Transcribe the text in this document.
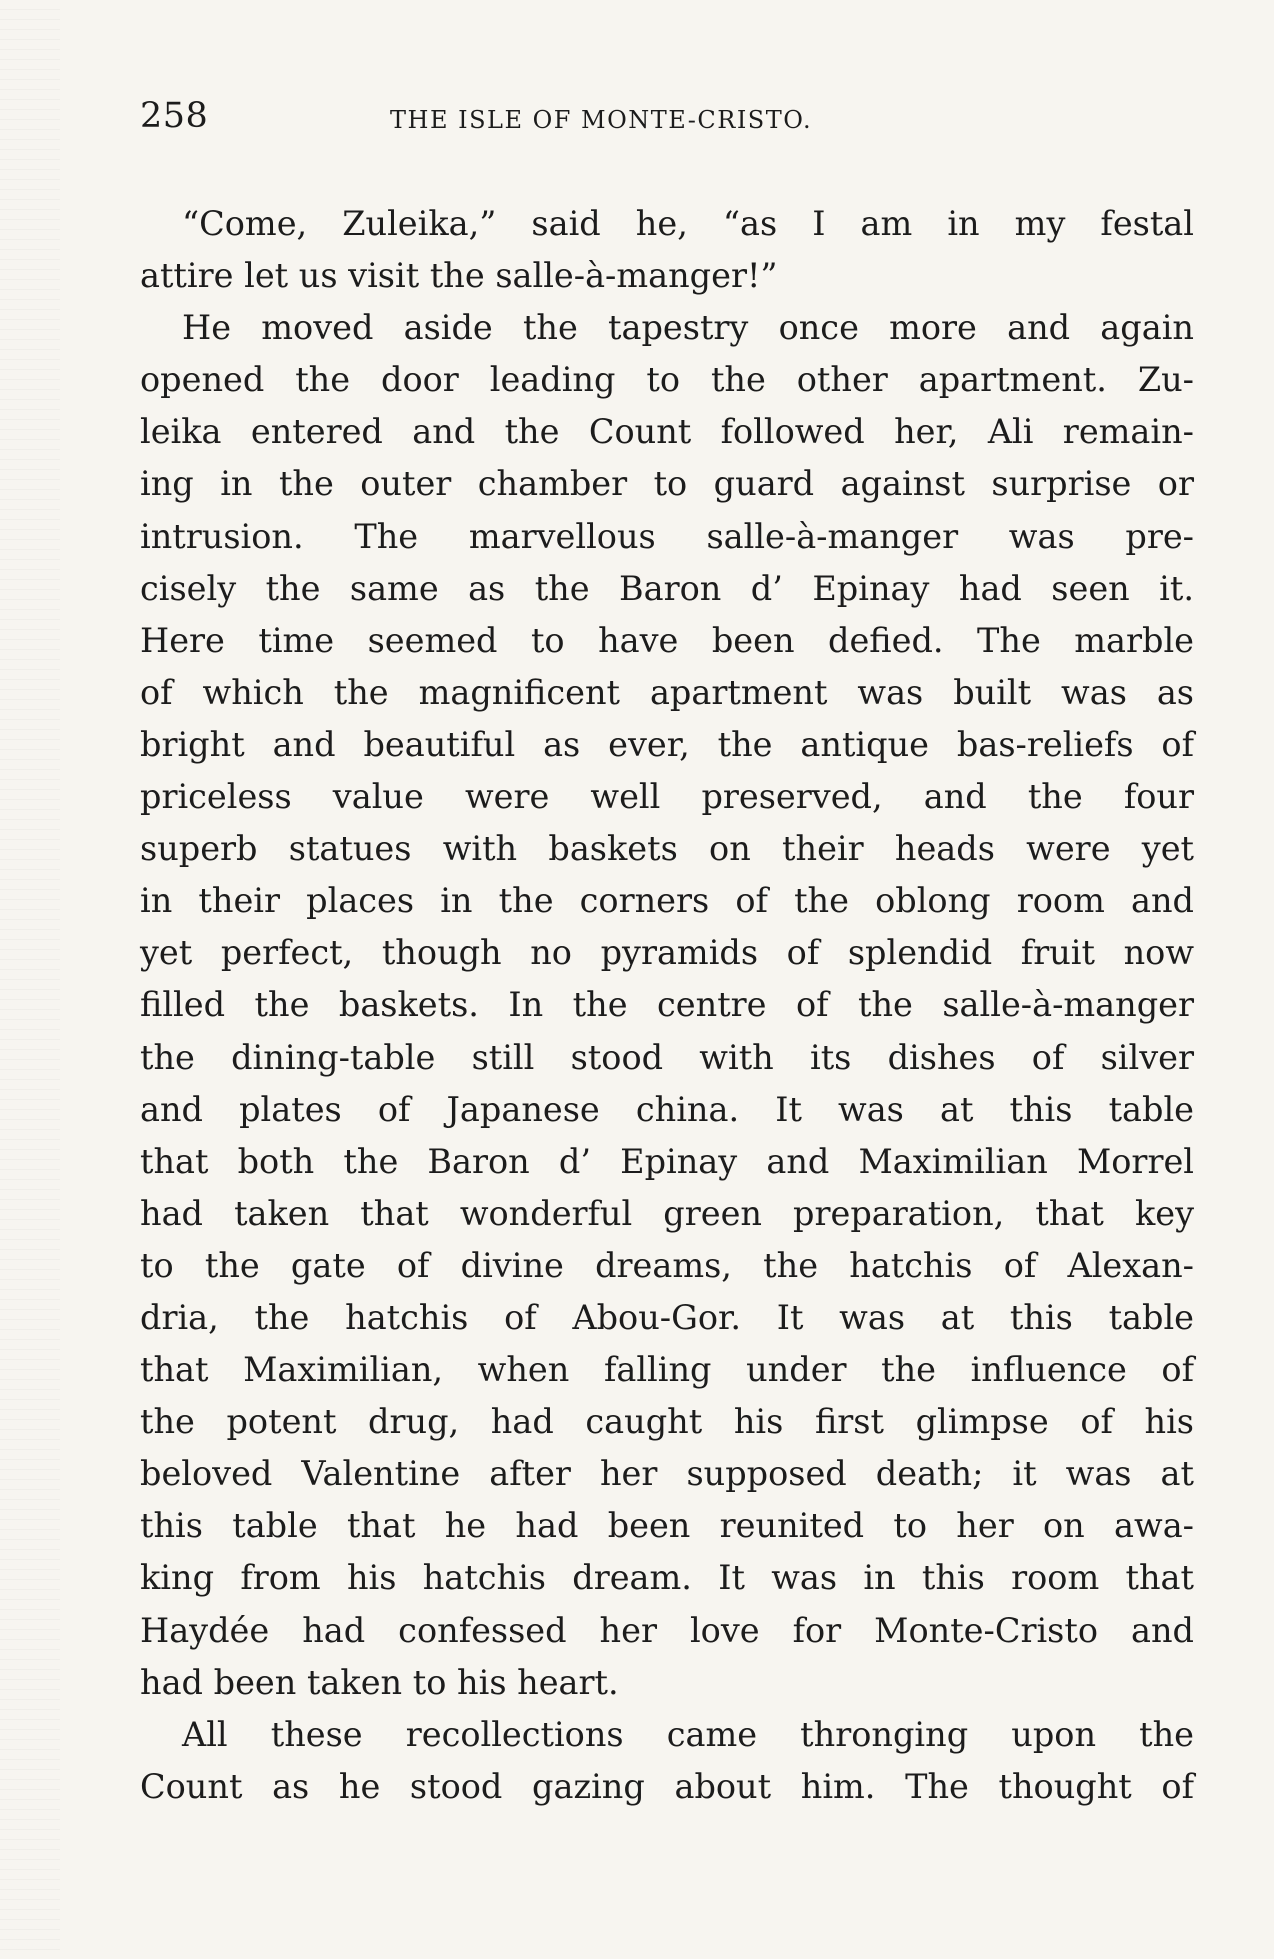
258	THE ISLE OF MONTE-CRISTO.
“Come, Zuleika,” said he, “as I am in my festal
attire let us visit the salle-à-manger!”
He moved aside the tapestry once more and again
opened the door leading to the other apartment. Zu-
leika entered and the Count followed her, Ali remain-
ing in the outer chamber to guard against surprise or
intrusion. The marvellous salle-à-manger was pre-
cisely the same as the Baron d’ Epinay had seen it.
Here time seemed to have been defied. The marble
of which the magnificent apartment was built was as
bright and beautiful as ever, the antique bas-reliefs of
priceless value were well preserved, and the four
superb statues with baskets on their heads were yet
in their places in the corners of the oblong room and
yet perfect, though no pyramids of splendid fruit now
filled the baskets. In the centre of the salle-à-manger
the dining-table still stood with its dishes of silver
and plates of Japanese china. It was at this table
that both the Baron d’ Epinay and Maximilian Morrel
had taken that wonderful green preparation, that key
to the gate of divine dreams, the hatchis of Alexan-
dria, the hatchis of Abou-Gor. It was at this table
that Maximilian, when falling under the influence of
the potent drug, had caught his first glimpse of his
beloved Valentine after her supposed death; it was at
this table that he had been reunited to her on awa-
king from his hatchis dream. It was in this room that
Haydée had confessed her love for Monte-Cristo and
had been taken to his heart.
All these recollections came thronging upon the
Count as he stood gazing about him. The thought of
